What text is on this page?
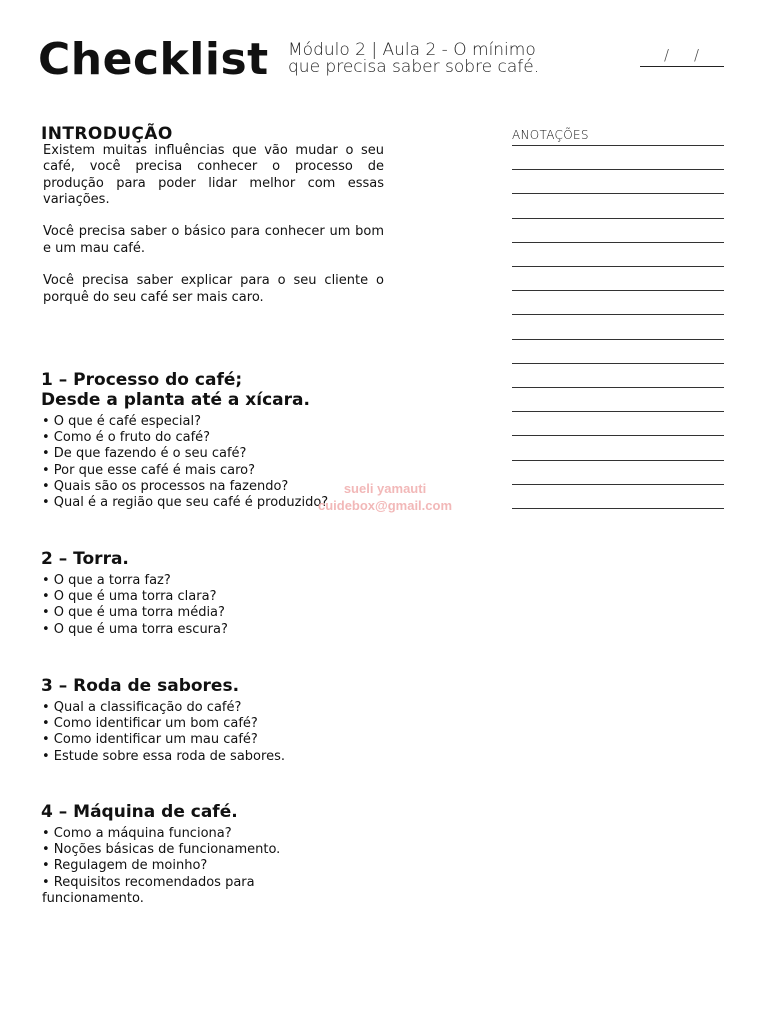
Checklist Módulo 2 | Aula 2 - O mínimo
que precisa saber sobre café.
/ /
INTRODUÇÃO

Existem muitas influências que vão mudar o seu café, você precisa conhecer o processo de produção para poder lidar melhor com essas variações.

Você precisa saber o básico para conhecer um bom e um mau café.

Você precisa saber explicar para o seu cliente o porquê do seu café ser mais caro.

1 – Processo do café;
Desde a planta até a xícara.
• O que é café especial?
• Como é o fruto do café?
• De que fazendo é o seu café?
• Por que esse café é mais caro?
• Quais são os processos na fazendo?
• Qual é a região que seu café é produzido?
2 – Torra.
• O que a torra faz?
• O que é uma torra clara?
• O que é uma torra média?
• O que é uma torra escura?
3 – Roda de sabores.
• Qual a classificação do café?
• Como identificar um bom café?
• Como identificar um mau café?
• Estude sobre essa roda de sabores.
4 – Máquina de café.
• Como a máquina funciona?
• Noções básicas de funcionamento.
• Regulagem de moinho?
• Requisitos recomendados para funcionamento.
ANOTAÇÕES
sueli yamauti
cuidebox@gmail.com
